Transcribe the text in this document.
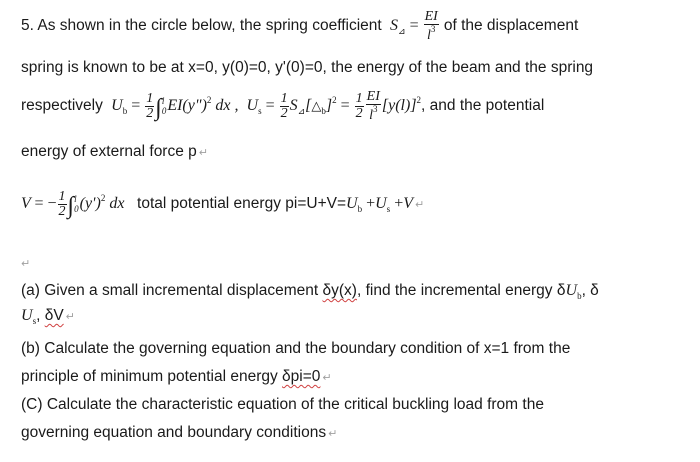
5. As shown in the circle below, the spring coefficient  $S_⊿ = \frac{EI}{l^3}$ of the displacement
spring is known to be at x=0, y(0)=0, y'(0)=0, the energy of the beam and the spring
respectively  $U_b = \frac{1}{2} \int l$
0EI(y")$^2$ dx ,  $U_s = \frac{1}{2}$ $S_⊿[\triangle_b]^2 = \frac{1}{2} \frac{EI}{l^3} [y(l)]^2$, and the potential
energy of external force p ↵
V = − $\frac{1}{2} \int l$
$0(y')^2$ dx total potential energy $pi=U+V=U_b +U_s +V$ ↵
↵
(a) Given a small incremental displacement δy(x), find the incremental energy $\delta U_b$, δ
$U_s$, δV ↵
(b) Calculate the governing equation and the boundary condition of x=1 from the
principle of minimum potential energy δpi=0 ↵
(C) Calculate the characteristic equation of the critical buckling load from the
governing equation and boundary conditions ↵
